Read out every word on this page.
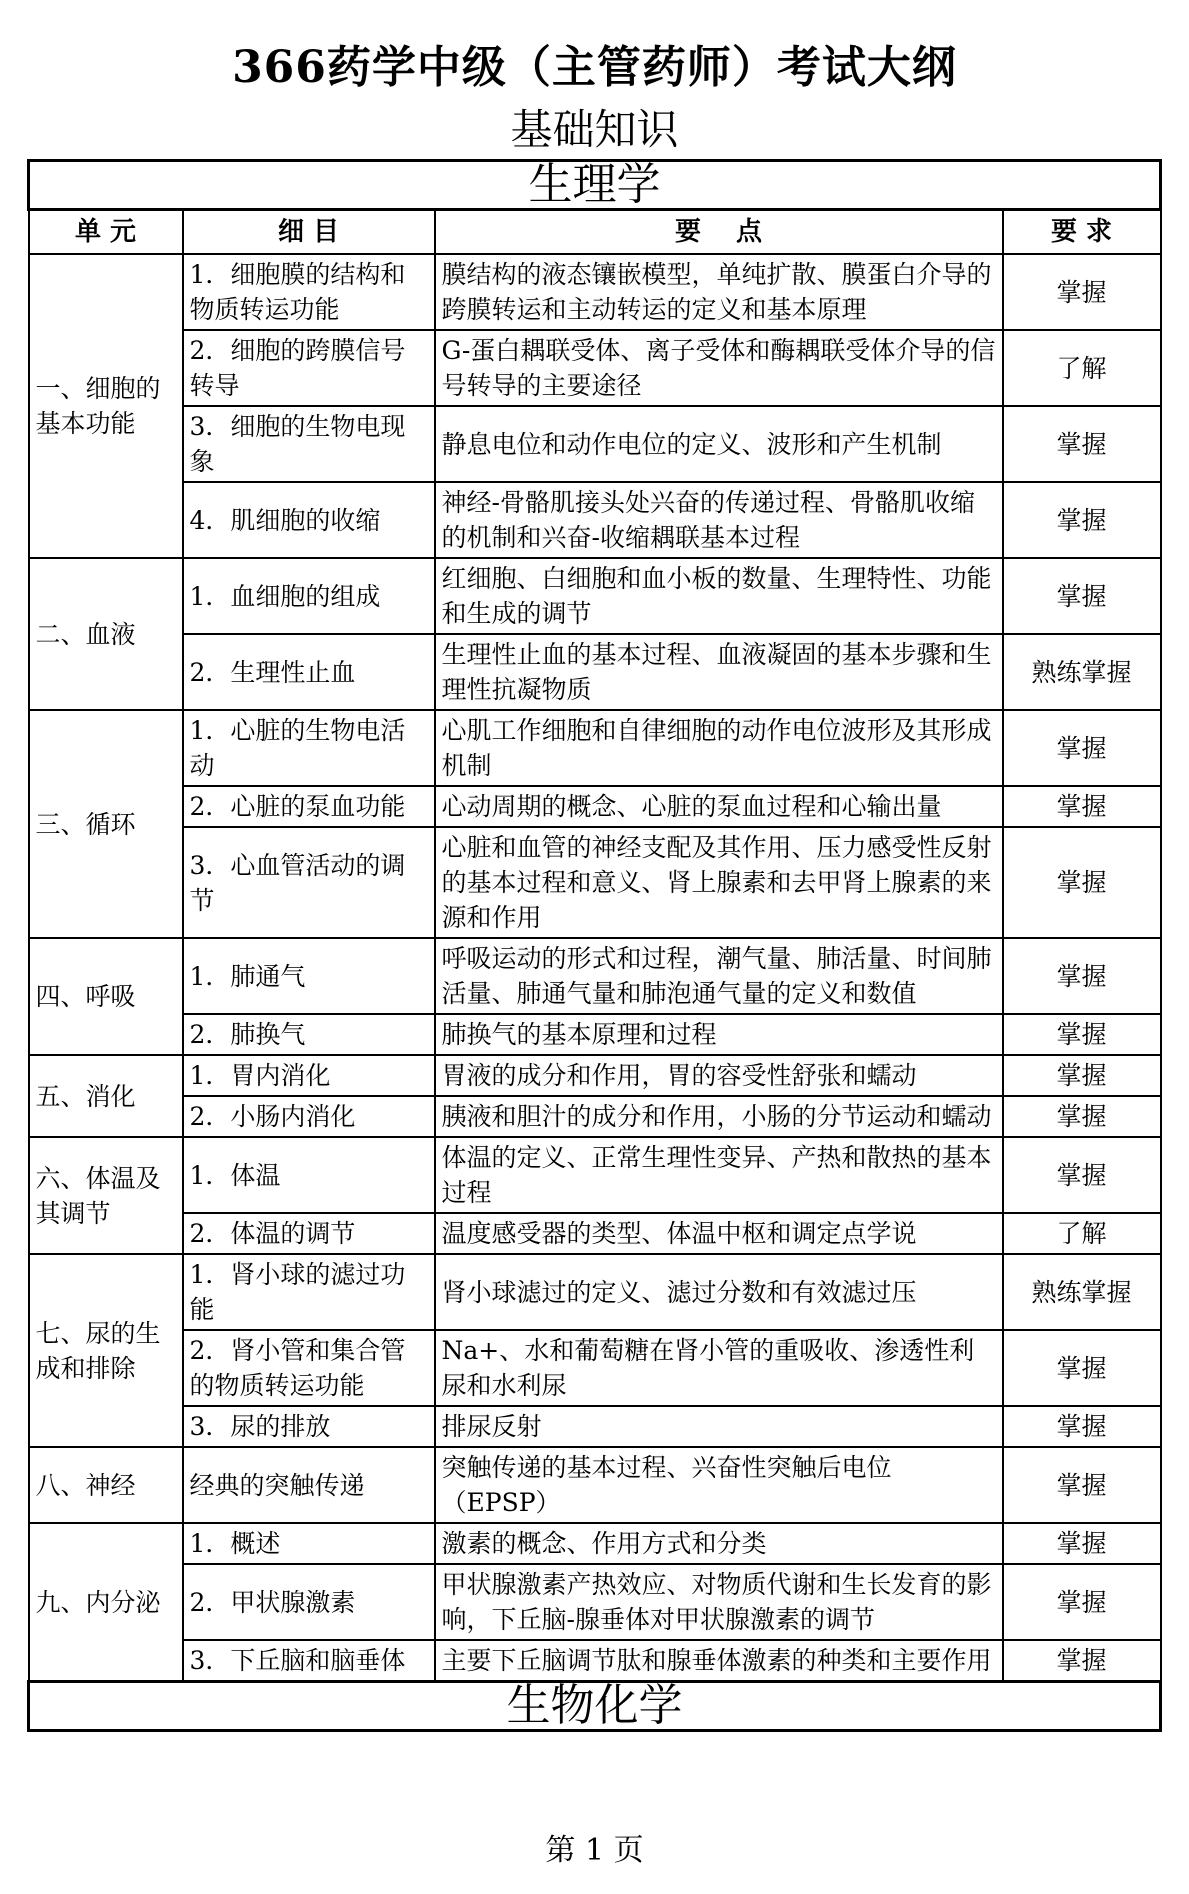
366药学中级（主管药师）考试大纲
基础知识
生理学			
单 元	细 目	要　 点	要 求
一、细胞的基本功能	1．细胞膜的结构和物质转运功能	膜结构的液态镶嵌模型，单纯扩散、膜蛋白介导的跨膜转运和主动转运的定义和基本原理	掌握
	2．细胞的跨膜信号转导	G-蛋白耦联受体、离子受体和酶耦联受体介导的信号转导的主要途径	了解
	3．细胞的生物电现象	静息电位和动作电位的定义、波形和产生机制	掌握
	4．肌细胞的收缩	神经-骨骼肌接头处兴奋的传递过程、骨骼肌收缩的机制和兴奋-收缩耦联基本过程	掌握
二、血液	1．血细胞的组成	红细胞、白细胞和血小板的数量、生理特性、功能和生成的调节	掌握
	2．生理性止血	生理性止血的基本过程、血液凝固的基本步骤和生理性抗凝物质	熟练掌握
三、循环	1．心脏的生物电活动	心肌工作细胞和自律细胞的动作电位波形及其形成机制	掌握
	2．心脏的泵血功能	心动周期的概念、心脏的泵血过程和心输出量	掌握
	3．心血管活动的调节	心脏和血管的神经支配及其作用、压力感受性反射的基本过程和意义、肾上腺素和去甲肾上腺素的来源和作用	掌握
四、呼吸	1．肺通气	呼吸运动的形式和过程，潮气量、肺活量、时间肺活量、肺通气量和肺泡通气量的定义和数值	掌握
	2．肺换气	肺换气的基本原理和过程	掌握
五、消化	1．胃内消化	胃液的成分和作用，胃的容受性舒张和蠕动	掌握
	2．小肠内消化	胰液和胆汁的成分和作用，小肠的分节运动和蠕动	掌握
六、体温及其调节	1．体温	体温的定义、正常生理性变异、产热和散热的基本过程	掌握
	2．体温的调节	温度感受器的类型、体温中枢和调定点学说	了解
七、尿的生成和排除	1．肾小球的滤过功能	肾小球滤过的定义、滤过分数和有效滤过压	熟练掌握
	2．肾小管和集合管的物质转运功能	Na+、水和葡萄糖在肾小管的重吸收、渗透性利尿和水利尿	掌握
	3．尿的排放	排尿反射	掌握
八、神经	经典的突触传递	突触传递的基本过程、兴奋性突触后电位（EPSP）	掌握
九、内分泌	1．概述	激素的概念、作用方式和分类	掌握
	2．甲状腺激素	甲状腺激素产热效应、对物质代谢和生长发育的影响，下丘脑-腺垂体对甲状腺激素的调节	掌握
	3．下丘脑和脑垂体	主要下丘脑调节肽和腺垂体激素的种类和主要作用	掌握
生物化学			
第 1 页
